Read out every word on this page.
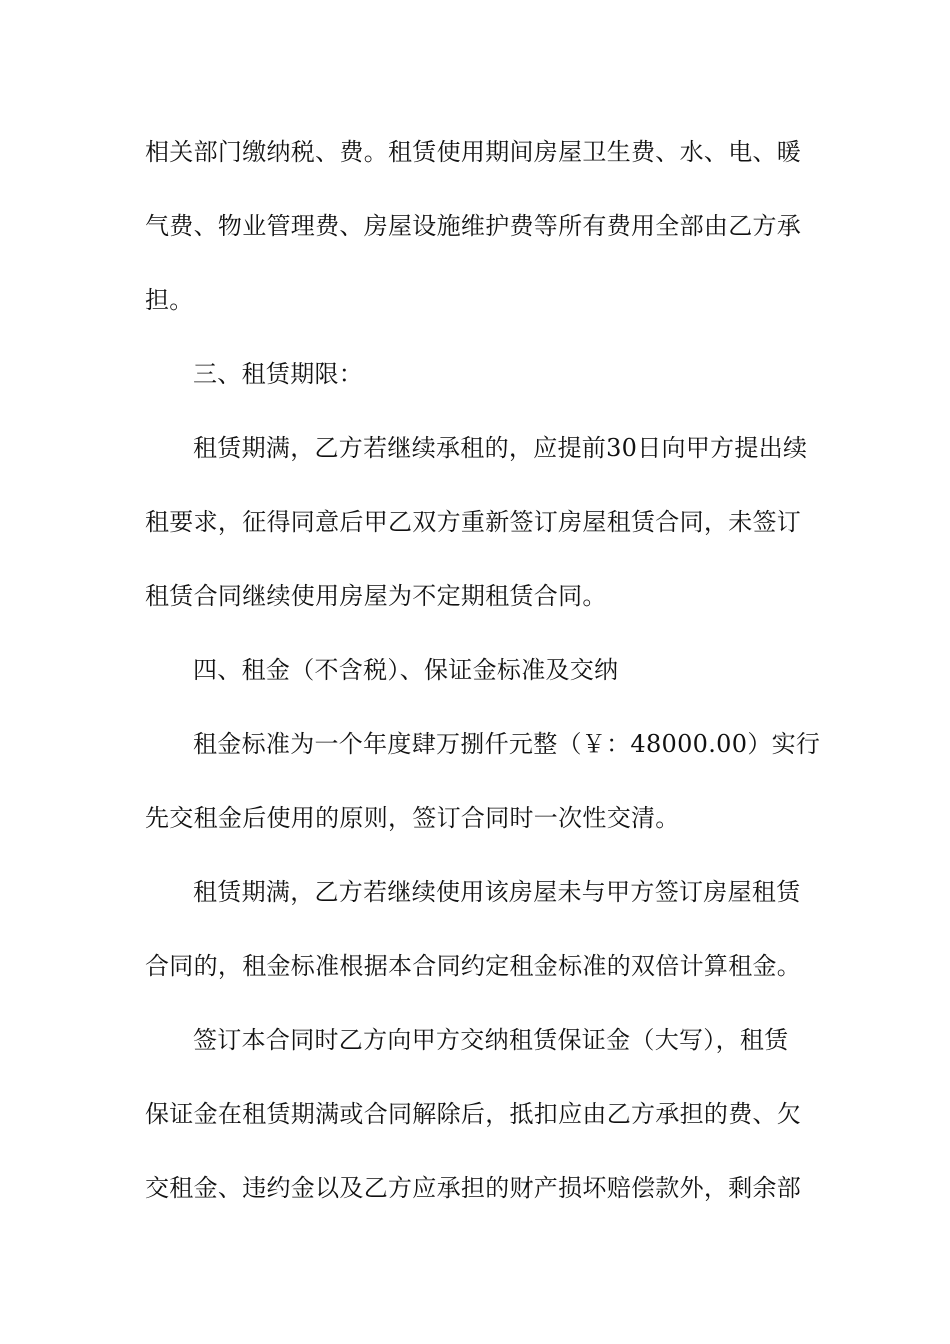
相关部门缴纳税、费。租赁使用期间房屋卫生费、水、电、暖
气费、物业管理费、房屋设施维护费等所有费用全部由乙方承
担。
三、租赁期限：
租赁期满，乙方若继续承租的，应提前30日向甲方提出续
租要求，征得同意后甲乙双方重新签订房屋租赁合同，未签订
租赁合同继续使用房屋为不定期租赁合同。
四、租金（不含税）、保证金标准及交纳
租金标准为一个年度肆万捌仟元整（￥：48000.00）实行
先交租金后使用的原则，签订合同时一次性交清。
租赁期满，乙方若继续使用该房屋未与甲方签订房屋租赁
合同的，租金标准根据本合同约定租金标准的双倍计算租金。
签订本合同时乙方向甲方交纳租赁保证金（大写），租赁
保证金在租赁期满或合同解除后，抵扣应由乙方承担的费、欠
交租金、违约金以及乙方应承担的财产损坏赔偿款外，剩余部
